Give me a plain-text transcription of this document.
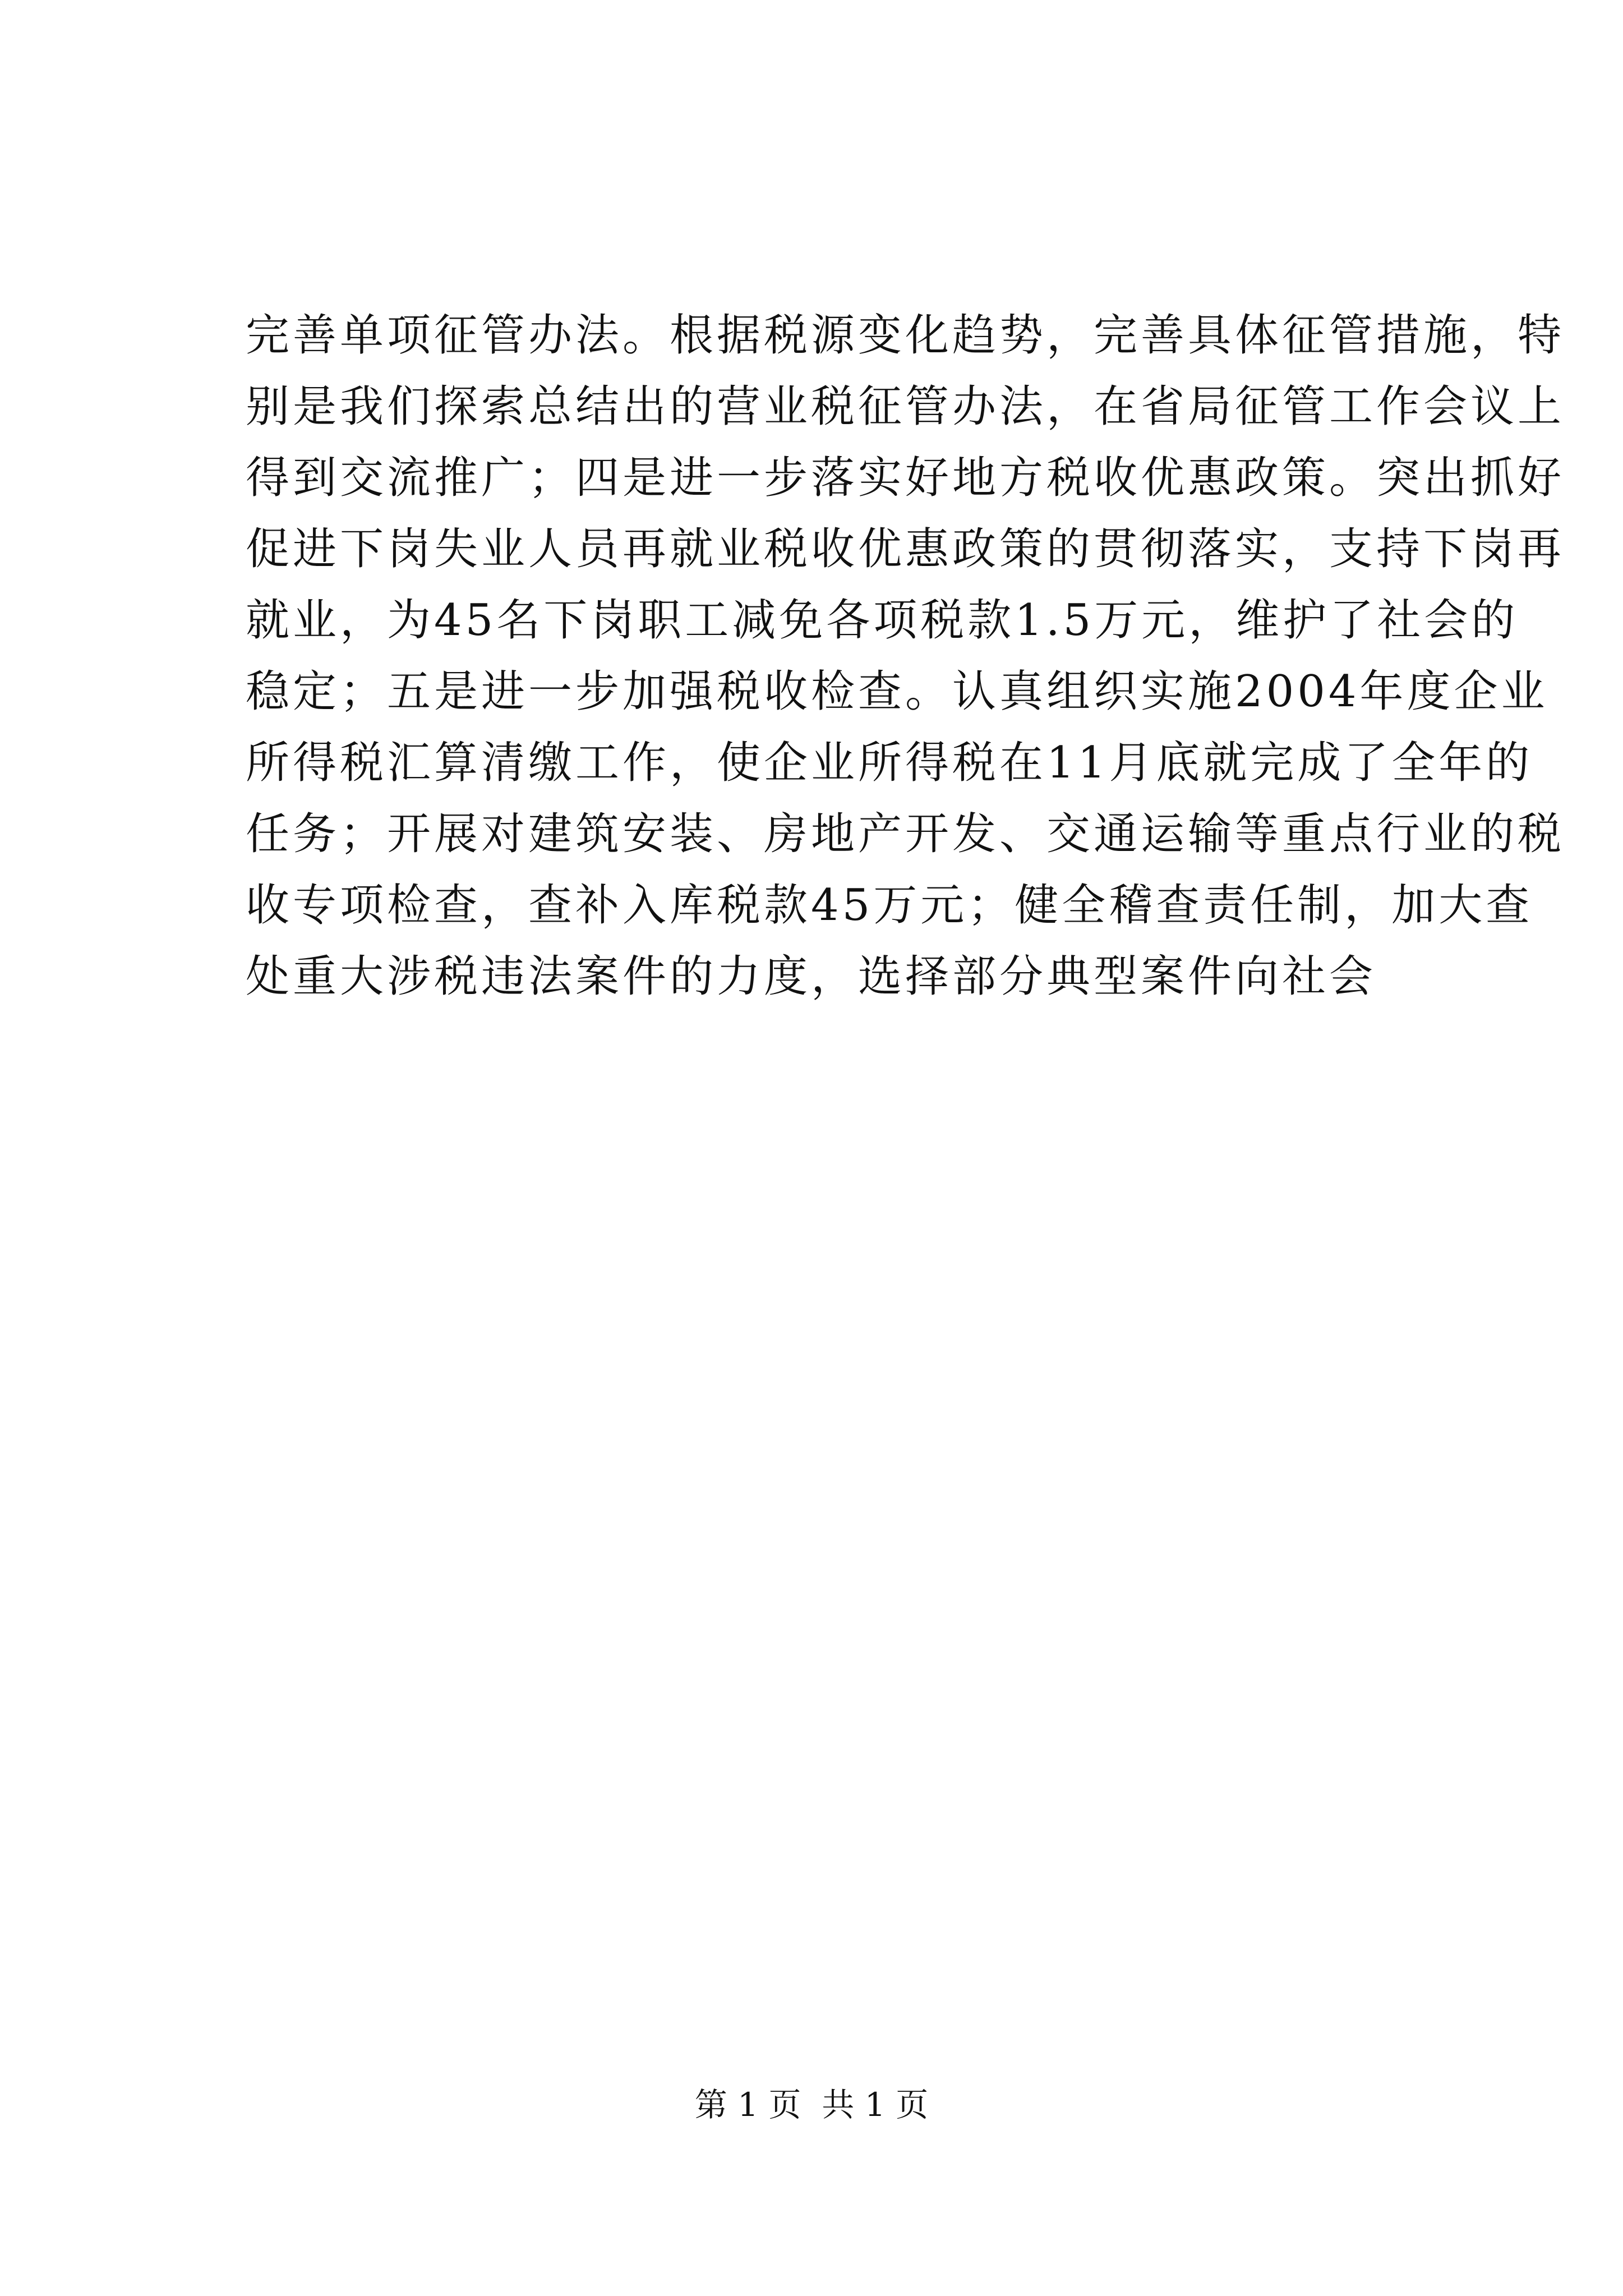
完善单项征管办法。根据税源变化趋势，完善具体征管措施，特
别是我们探索总结出的营业税征管办法，在省局征管工作会议上
得到交流推广；四是进一步落实好地方税收优惠政策。突出抓好
促进下岗失业人员再就业税收优惠政策的贯彻落实，支持下岗再
就业，为45名下岗职工减免各项税款1.5万元，维护了社会的
稳定；五是进一步加强税收检查。认真组织实施2004年度企业
所得税汇算清缴工作，使企业所得税在11月底就完成了全年的
任务；开展对建筑安装、房地产开发、交通运输等重点行业的税
收专项检查，查补入库税款45万元；健全稽查责任制，加大查
处重大涉税违法案件的力度，选择部分典型案件向社会
第 1 页  共 1 页
